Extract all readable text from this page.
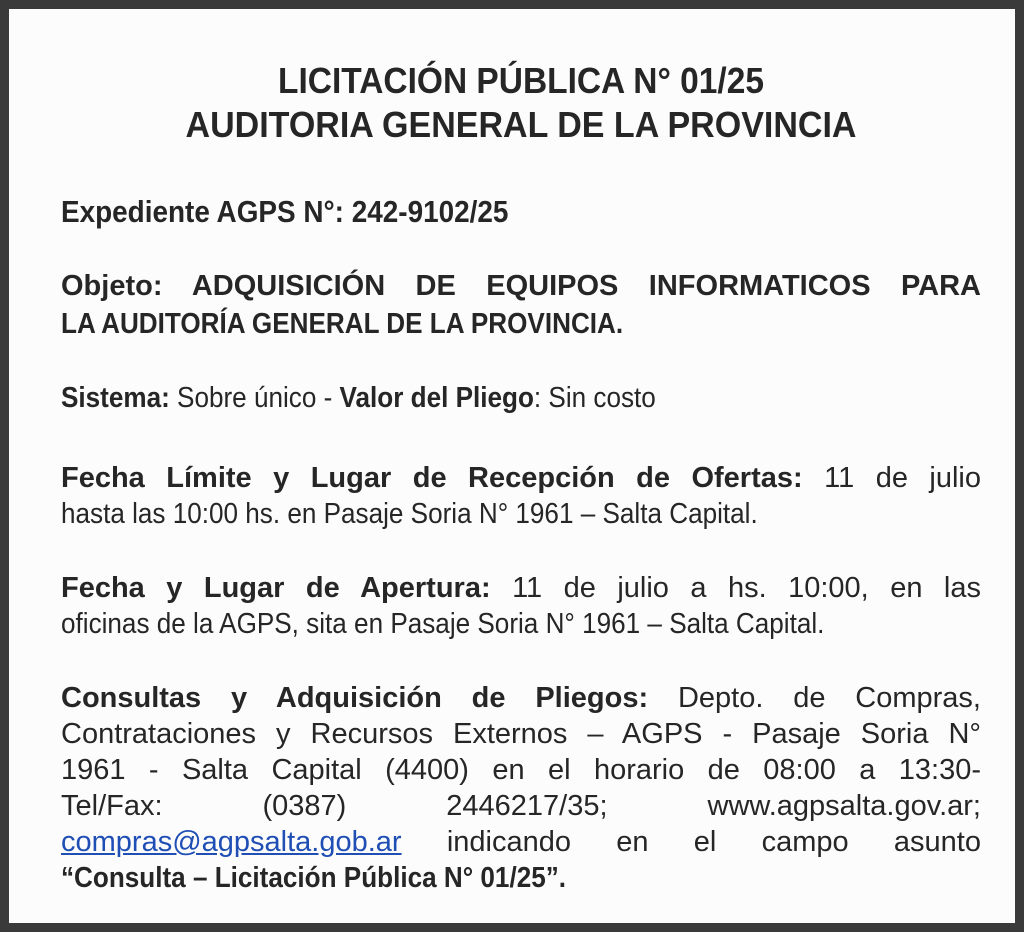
LICITACIÓN PÚBLICA N° 01/25
AUDITORIA GENERAL DE LA PROVINCIA
Expediente AGPS N°: 242-9102/25
Objeto: ADQUISICIÓN DE EQUIPOS INFORMATICOS PARA
LA AUDITORÍA GENERAL DE LA PROVINCIA.
Sistema: Sobre único - Valor del Pliego: Sin costo
Fecha Límite y Lugar de Recepción de Ofertas: 11 de julio
hasta las 10:00 hs. en Pasaje Soria N° 1961 – Salta Capital.
Fecha y Lugar de Apertura: 11 de julio a hs. 10:00, en las
oficinas de la AGPS, sita en Pasaje Soria N° 1961 – Salta Capital.
Consultas y Adquisición de Pliegos: Depto. de Compras,
Contrataciones y Recursos Externos – AGPS - Pasaje Soria N°
1961 - Salta Capital (4400) en el horario de 08:00 a 13:30-
Tel/Fax: (0387) 2446217/35; www.agpsalta.gov.ar;
compras@agpsalta.gob.ar indicando en el campo asunto
“Consulta – Licitación Pública N° 01/25”.
